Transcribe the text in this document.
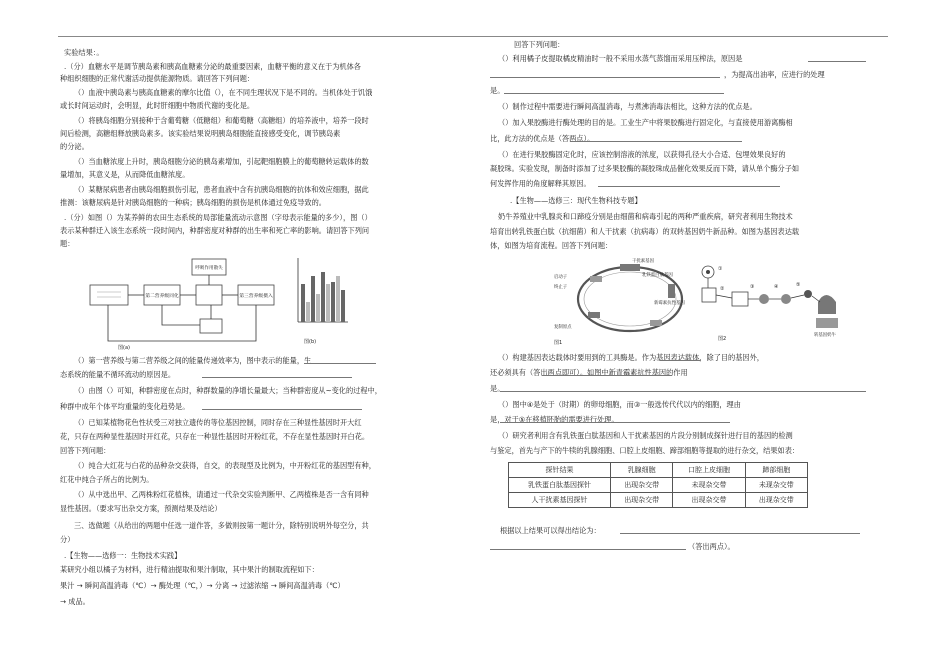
实验结果：。
.（分）血糖水平是调节胰岛素和胰高血糖素分泌的最重要因素，血糖平衡的意义在于为机体各
种组织细胞的正常代谢活动提供能源物质。请回答下列问题：
（）血液中胰岛素与胰高血糖素的摩尔比值（），在不同生理状况下是不同的。当机体处于饥饿
或长时间运动时，会明显，此时肝细胞中物质代谢的变化是。
（）将胰岛细胞分别接种于含葡萄糖（低糖组）和葡萄糖（高糖组）的培养液中，培养一段时
间后检测，高糖组释放胰岛素多。该实验结果说明胰岛细胞能直接感受变化，调节胰岛素
的分泌。
（）当血糖浓度上升时，胰岛细胞分泌的胰岛素增加，引起靶细胞膜上的葡萄糖转运载体的数
量增加，其意义是，从而降低血糖浓度。
（）某糖尿病患者由胰岛细胞损伤引起，患者血液中含有抗胰岛细胞的抗体和效应细胞，据此
推测：该糖尿病是针对胰岛细胞的一种病；胰岛细胞的损伤是机体通过免疫导致的。
.（分）如图（）为某养鲜的农田生态系统的局部能量流动示意图（字母表示能量的多少），图（）
表示某种群迁入该生态系统一段时间内，种群密度对种群的出生率和死亡率的影响。请回答下列问
题：
第二营养级同化
呼吸作用散失
第三营养级摄入
图(a)
图(b)
（）第一营养级与第二营养级之间的能量传递效率为，图中表示的能量，生
态系统的能量不循环流动的原因是。
（）由图（）可知，种群密度在点时，种群数量的净增长量最大；当种群密度从~变化的过程中，
种群中成年个体平均重量的变化趋势是。
（）已知某植物花色性状受三对独立遗传的等位基因控制，同时存在三种显性基因时开大红
花，只存在两种显性基因时开红花，只存在一种显性基因时开粉红花，不存在显性基因时开白花。
回答下列问题：
（）纯合大红花与白花的品种杂交获得，自交，的表现型及比例为，中开粉红花的基因型有种，
红花中纯合子所占的比例为。
（）从中选出甲、乙两株粉红花植株，请通过一代杂交实验判断甲、乙两植株是否一含有同种
显性基因。（要求写出杂交方案，预测结果及结论）
三、选做题（从给出的两题中任选一道作答，多做则按第一题计分，除特别说明外每空分，共
分）
.【生物——选修一：生物技术实践】
某研究小组以橘子为材料，进行精油提取和果汁制取，其中果汁的制取流程如下：
果汁 → 瞬间高温消毒（℃）→ 酶处理（℃，）→ 分离 → 过滤浓缩 → 瞬间高温消毒（℃）
→ 成品。
回答下列问题：
（）利用橘子皮提取橘皮精油时一般不采用水蒸气蒸馏而采用压榨法，原因是
，为提高出油率，应进行的处理
是。
（）制作过程中需要进行瞬间高温消毒，与煮沸消毒法相比，这种方法的优点是。
（）加入果胶酶进行酶处理的目的是。工业生产中将果胶酶进行固定化，与直接使用游离酶相
比，此方法的优点是（答两点）。
（）在进行果胶酶固定化时，应该控制溶液的浓度，以获得孔径大小合适、包埋效果良好的
凝胶珠。实验发现，制备时添加了过多果胶酶的凝胶珠成品催化效果反而下降，请从单个酶分子如
何发挥作用的角度解释其原因。
.【生物——选修三：现代生物科技专题】
奶牛养殖业中乳腺炎和口蹄疫分别是由细菌和病毒引起的两种严重疾病，研究者利用生物技术
培育出转乳铁蛋白肽（抗细菌）和人干扰素（抗病毒）的双转基因奶牛新品种。如图为基因表达载
体，如图为培育流程。回答下列问题：
干扰素基因
启动子
终止子
乳铁蛋白肽基因
新霉素抗性基因
复制原点
图1
①
②	③	④	⑤
转基因奶牛
图2
（）构建基因表达载体时要用到的工具酶是。作为基因表达载体，除了目的基因外，
还必须具有（答出两点即可）。如图中新青霉素抗性基因的作用
是。
（）图中④是处于（时期）的卵母细胞，而③一般选传代代以内的细胞，理由
是，对于⑤在移植胚胎的需要进行处理。
（）研究者利用含有乳铁蛋白肽基因和人干扰素基因的片段分别制成探针进行目的基因的检测
与鉴定，首先与产下的牛犊的乳腺细胞、口腔上皮细胞、蹄部细胞等提取的进行杂交，结果如表：
探针结果	乳腺细胞	口腔上皮细胞	蹄部细胞
乳铁蛋白肽基因探针	出现杂交带	未现杂交带	未现杂交带
人干扰素基因探针	出现杂交带	出现杂交带	出现杂交带
根据以上结果可以得出结论为：
（答出两点）。
